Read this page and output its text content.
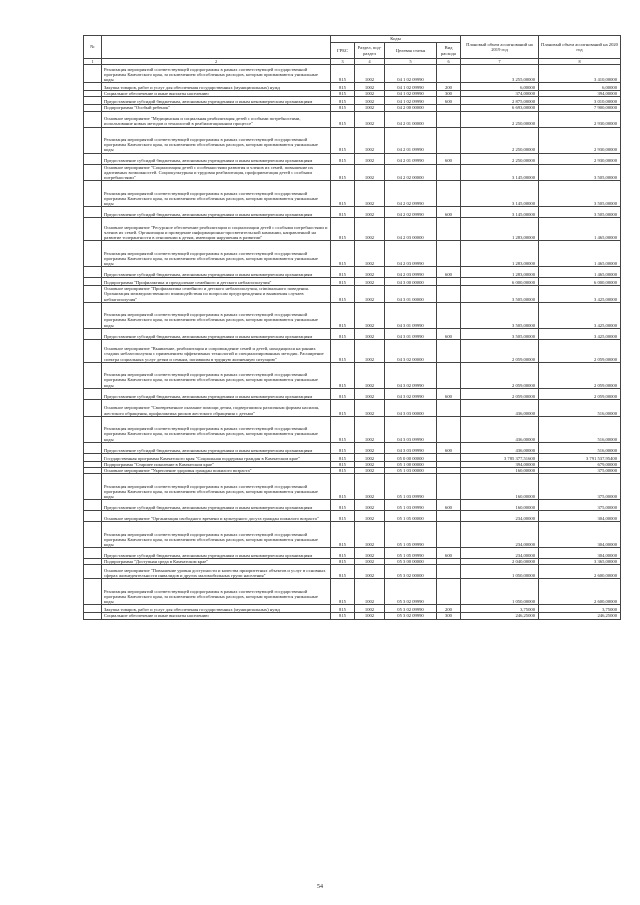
№		Коды				Плановый объем ассигнований на 2019 год	Плановый объем ассигнований на 2020 год
		ГРБС	Раздел, под-раздел	Целевая статья	Вид расхода		
1	2	3	4	5	6	7	8
	Реализация мероприятий соответствующей подпрограммы в рамках соответствующей государственной программы Камчатского края, за исключением обособленных расходов, которым присваиваются уникальные коды	815	1002	04 1 02 09990		3 255,00000	3 410,00000
	Закупка товаров, работ и услуг для обеспечения государственных (муниципальных) нужд	815	1002	04 1 02 09990	200	6,00000	6,00000
	Социальное обеспечение и иные выплаты населению	815	1002	04 1 02 09990	300	374,00000	394,00000
	Предоставление субсидий бюджетным, автономным учреждениям и иным некоммерческим организациям	815	1002	04 1 02 09990	600	2 875,00000	3 010,00000
	Подпрограмма "Особый ребенок"	815	1002	04 2 00 00000		6 693,00000	7 900,00000
	Основное мероприятие "Медицинская и социальная реабилитация детей с особыми потребностями, использование новых методов и технологий в реабилитационном процессе"	815	1002	04 2 01 00000		2 250,00000	2 930,00000
	Реализация мероприятий соответствующей подпрограммы в рамках соответствующей государственной программы Камчатского края, за исключением обособленных расходов, которым присваиваются уникальные коды	815	1002	04 2 01 09990		2 250,00000	2 930,00000
	Предоставление субсидий бюджетным, автономным учреждениям и иным некоммерческим организациям	815	1002	04 2 01 09990	600	2 250,00000	2 930,00000
	Основное мероприятие "Социализация детей с особенностями развития и членов их семей, повышение их адаптивных возможностей. Социокультурная и трудовая реабилитация, профориентация детей с особыми потребностями"	815	1002	04 2 02 00000		3 145,00000	3 505,00000
	Реализация мероприятий соответствующей подпрограммы в рамках соответствующей государственной программы Камчатского края, за исключением обособленных расходов, которым присваиваются уникальные коды	815	1002	04 2 02 09990		3 145,00000	3 505,00000
	Предоставление субсидий бюджетным, автономным учреждениям и иным некоммерческим организациям	815	1002	04 2 02 09990	600	3 145,00000	3 505,00000
	Основное мероприятие "Ресурсное обеспечение реабилитации и социализации детей с особыми потребностями и членов их семей. Организация и проведение информационно-просветительской кампании, направленной на развитие толерантности в отношении к детям, имеющим нарушения в развитии"	815	1002	04 2 03 00000		1 283,00000	1 465,00000
	Реализация мероприятий соответствующей подпрограммы в рамках соответствующей государственной программы Камчатского края, за исключением обособленных расходов, которым присваиваются уникальные коды	815	1002	04 2 03 09990		1 283,00000	1 465,00000
	Предоставление субсидий бюджетным, автономным учреждениям и иным некоммерческим организациям	815	1002	04 2 03 09990	600	1 283,00000	1 465,00000
	Подпрограмма "Профилактика и преодоление семейного и детского неблагополучия"	815	1002	04 3 00 00000		6 000,00000	6 000,00000
	Основное мероприятие "Профилактика семейного и детского неблагополучия, criminального поведения. Организация межведомственного взаимодействия по вопросам предупреждения и выявления случаев неблагополучия"	815	1002	04 3 01 00000		3 505,00000	3 425,00000
	Реализация мероприятий соответствующей подпрограммы в рамках соответствующей государственной программы Камчатского края, за исключением обособленных расходов, которым присваиваются уникальные коды	815	1002	04 3 01 09990		3 505,00000	3 425,00000
	Предоставление субсидий бюджетным, автономным учреждениям и иным некоммерческим организациям	815	1002	04 3 01 09990	600	3 505,00000	3 425,00000
	Основное мероприятие "Выявление, реабилитация и сопровождение семей и детей, находящихся на ранних стадиях неблагополучия с применением эффективных технологий и специализированных методик. Расширение спектра социальных услуг детям и семьям, попавшим в трудную жизненную ситуацию"	815	1002	04 3 02 00000		2 059,00000	2 059,00000
	Реализация мероприятий соответствующей подпрограммы в рамках соответствующей государственной программы Камчатского края, за исключением обособленных расходов, которым присваиваются уникальные коды	815	1002	04 3 02 09990		2 059,00000	2 059,00000
	Предоставление субсидий бюджетным, автономным учреждениям и иным некоммерческим организациям	815	1002	04 3 02 09990	600	2 059,00000	2 059,00000
	Основное мероприятие "Своевременное оказание помощи детям, подвергшимся различным формам насилия, жестокого обращения, профилактика рисков жестокого обращения с детьми"	815	1002	04 3 03 00000		436,00000	516,00000
	Реализация мероприятий соответствующей подпрограммы в рамках соответствующей государственной программы Камчатского края, за исключением обособленных расходов, которым присваиваются уникальные коды	815	1002	04 3 03 09990		436,00000	516,00000
	Предоставление субсидий бюджетным, автономным учреждениям и иным некоммерческим организациям	815	1002	04 3 03 09990	600	436,00000	516,00000
	Государственная программа Камчатского края "Социальная поддержка граждан в Камчатском крае"	815	1002	05 0 00 00000		3 785 377,51600	3 791 537,95400
	Подпрограмма "Старшее поколение в Камчатском крае"	815	1002	05 1 00 00000		394,00000	679,00000
	Основное мероприятие "Укрепление здоровья граждан пожилого возраста"	815	1002	05 1 03 00000		160,00000	375,00000
	Реализация мероприятий соответствующей подпрограммы в рамках соответствующей государственной программы Камчатского края, за исключением обособленных расходов, которым присваиваются уникальные коды	815	1002	05 1 03 09990		160,00000	375,00000
	Предоставление субсидий бюджетным, автономным учреждениям и иным некоммерческим организациям	815	1002	05 1 03 09990	600	160,00000	375,00000
	Основное мероприятие "Организация свободного времени и культурного досуга граждан пожилого возраста"	815	1002	05 1 05 00000		234,00000	304,00000
	Реализация мероприятий соответствующей подпрограммы в рамках соответствующей государственной программы Камчатского края, за исключением обособленных расходов, которым присваиваются уникальные коды	815	1002	05 1 05 09990		234,00000	304,00000
	Предоставление субсидий бюджетным, автономным учреждениям и иным некоммерческим организациям	815	1002	05 1 05 09990	600	234,00000	304,00000
	Подпрограмма "Доступная среда в Камчатском крае"	815	1002	05 3 00 00000		2 040,00000	3 365,00000
	Основное мероприятие "Повышение уровня доступности и качества приоритетных объектов и услуг в основных сферах жизнедеятельности инвалидов и других маломобильных групп населения"	815	1002	05 3 02 00000		1 050,00000	2 600,00000
	Реализация мероприятий соответствующей подпрограммы в рамках соответствующей государственной программы Камчатского края, за исключением обособленных расходов, которым присваиваются уникальные коды	815	1002	05 3 02 09990		1 050,00000	2 600,00000
	Закупка товаров, работ и услуг для обеспечения государственных (муниципальных) нужд	815	1002	05 3 02 09990	200	3,75000	3,75000
	Социальное обеспечение и иные выплаты населению	815	1002	05 3 02 09990	300	246,25000	246,25000
54
